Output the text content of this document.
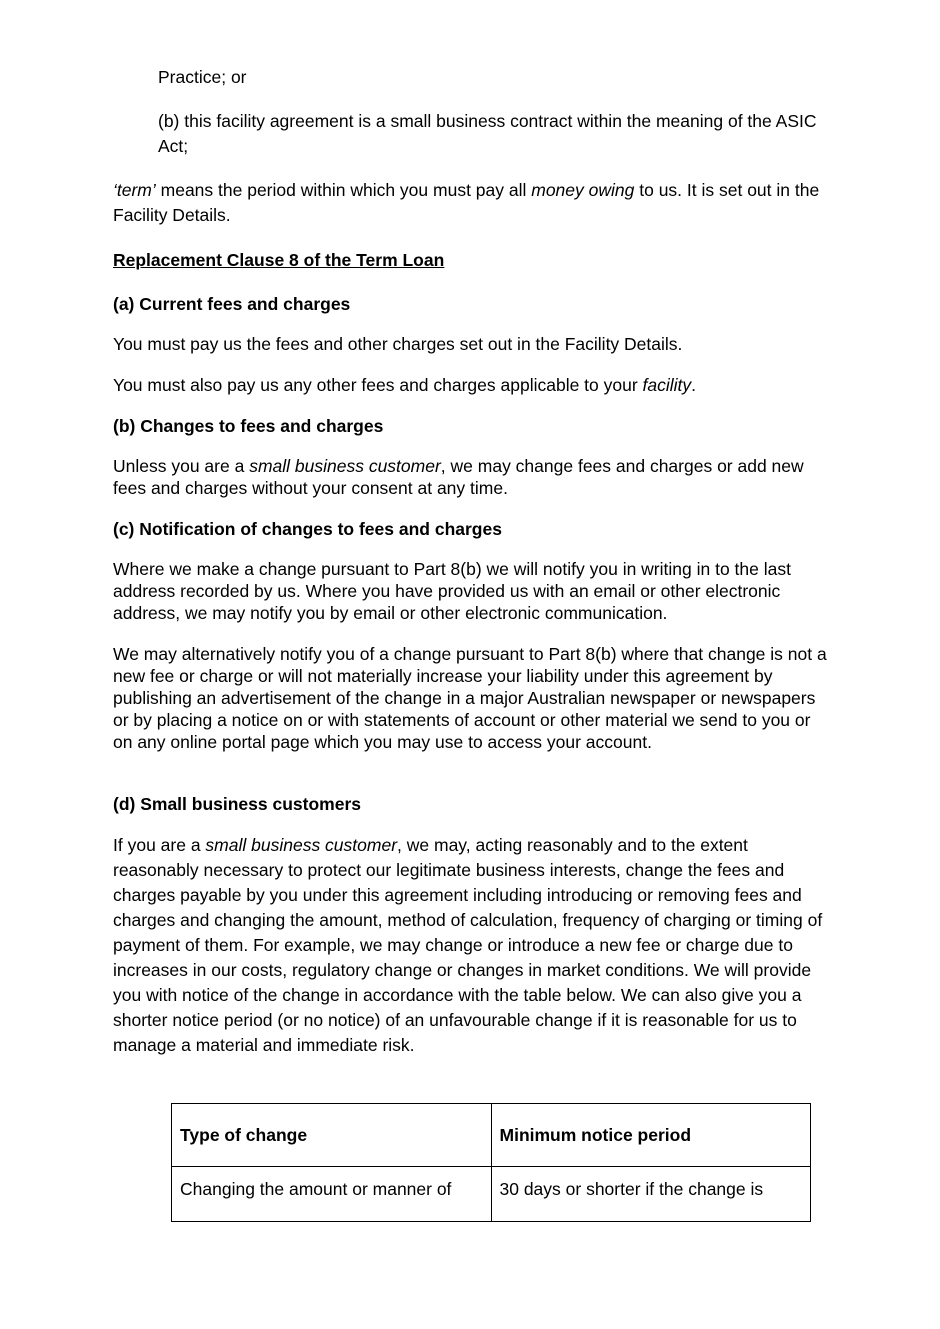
Practice; or

(b) this facility agreement is a small business contract within the meaning of the ASIC Act;

‘term’ means the period within which you must pay all money owing to us. It is set out in the Facility Details.

Replacement Clause 8 of the Term Loan

(a) Current fees and charges

You must pay us the fees and other charges set out in the Facility Details.

You must also pay us any other fees and charges applicable to your facility.

(b) Changes to fees and charges

Unless you are a small business customer, we may change fees and charges or add new fees and charges without your consent at any time.

(c) Notification of changes to fees and charges

Where we make a change pursuant to Part 8(b) we will notify you in writing in to the last address recorded by us. Where you have provided us with an email or other electronic address, we may notify you by email or other electronic communication.

We may alternatively notify you of a change pursuant to Part 8(b) where that change is not a new fee or charge or will not materially increase your liability under this agreement by publishing an advertisement of the change in a major Australian newspaper or newspapers or by placing a notice on or with statements of account or other material we send to you or on any online portal page which you may use to access your account.

(d) Small business customers

If you are a small business customer, we may, acting reasonably and to the extent reasonably necessary to protect our legitimate business interests, change the fees and charges payable by you under this agreement including introducing or removing fees and charges and changing the amount, method of calculation, frequency of charging or timing of payment of them. For example, we may change or introduce a new fee or charge due to increases in our costs, regulatory change or changes in market conditions. We will provide you with notice of the change in accordance with the table below. We can also give you a shorter notice period (or no notice) of an unfavourable change if it is reasonable for us to manage a material and immediate risk.

Type of change	Minimum notice period
Changing the amount or manner of	30 days or shorter if the change is
